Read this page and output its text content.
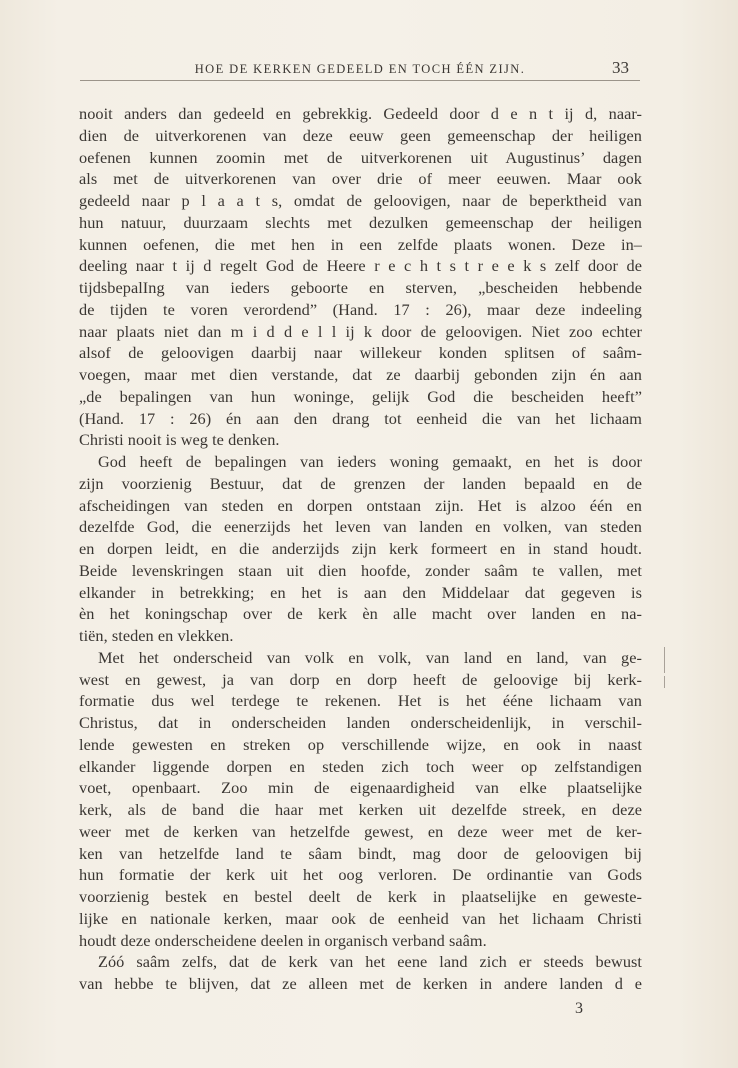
HOE DE KERKEN GEDEELD EN TOCH ÉÉN ZIJN.	33
nooit anders dan gedeeld en gebrekkig. Gedeeld door d e n t ij d, naar-
dien de uitverkorenen van deze eeuw geen gemeenschap der heiligen
oefenen kunnen zoomin met de uitverkorenen uit Augustinus’ dagen
als met de uitverkorenen van over drie of meer eeuwen. Maar ook
gedeeld naar p l a a t s, omdat de geloovigen, naar de beperktheid van
hun natuur, duurzaam slechts met dezulken gemeenschap der heiligen
kunnen oefenen, die met hen in een zelfde plaats wonen. Deze in–
deeling naar t ij d regelt God de Heere r e c h t s t r e e k s zelf door de
tijdsbepalIng van ieders geboorte en sterven, „bescheiden hebbende
de tijden te voren verordend” (Hand. 17 : 26), maar deze indeeling
naar plaats niet dan m i d d e l l ij k door de geloovigen. Niet zoo echter
alsof de geloovigen daarbij naar willekeur konden splitsen of saâm-
voegen, maar met dien verstande, dat ze daarbij gebonden zijn én aan
„de bepalingen van hun woninge, gelijk God die bescheiden heeft”
(Hand. 17 : 26) én aan den drang tot eenheid die van het lichaam
Christi nooit is weg te denken.
God heeft de bepalingen van ieders woning gemaakt, en het is door
zijn voorzienig Bestuur, dat de grenzen der landen bepaald en de
afscheidingen van steden en dorpen ontstaan zijn. Het is alzoo één en
dezelfde God, die eenerzijds het leven van landen en volken, van steden
en dorpen leidt, en die anderzijds zijn kerk formeert en in stand houdt.
Beide levenskringen staan uit dien hoofde, zonder saâm te vallen, met
elkander in betrekking; en het is aan den Middelaar dat gegeven is
èn het koningschap over de kerk èn alle macht over landen en na-
tiën, steden en vlekken.
Met het onderscheid van volk en volk, van land en land, van ge-
west en gewest, ja van dorp en dorp heeft de geloovige bij kerk-
formatie dus wel terdege te rekenen. Het is het ééne lichaam van
Christus, dat in onderscheiden landen onderscheidenlijk, in verschil-
lende gewesten en streken op verschillende wijze, en ook in naast
elkander liggende dorpen en steden zich toch weer op zelfstandigen
voet, openbaart. Zoo min de eigenaardigheid van elke plaatselijke
kerk, als de band die haar met kerken uit dezelfde streek, en deze
weer met de kerken van hetzelfde gewest, en deze weer met de ker-
ken van hetzelfde land te sâam bindt, mag door de geloovigen bij
hun formatie der kerk uit het oog verloren. De ordinantie van Gods
voorzienig bestek en bestel deelt de kerk in plaatselijke en geweste-
lijke en nationale kerken, maar ook de eenheid van het lichaam Christi
houdt deze onderscheidene deelen in organisch verband saâm.
Zóó saâm zelfs, dat de kerk van het eene land zich er steeds bewust
van hebbe te blijven, dat ze alleen met de kerken in andere landen d e
3
